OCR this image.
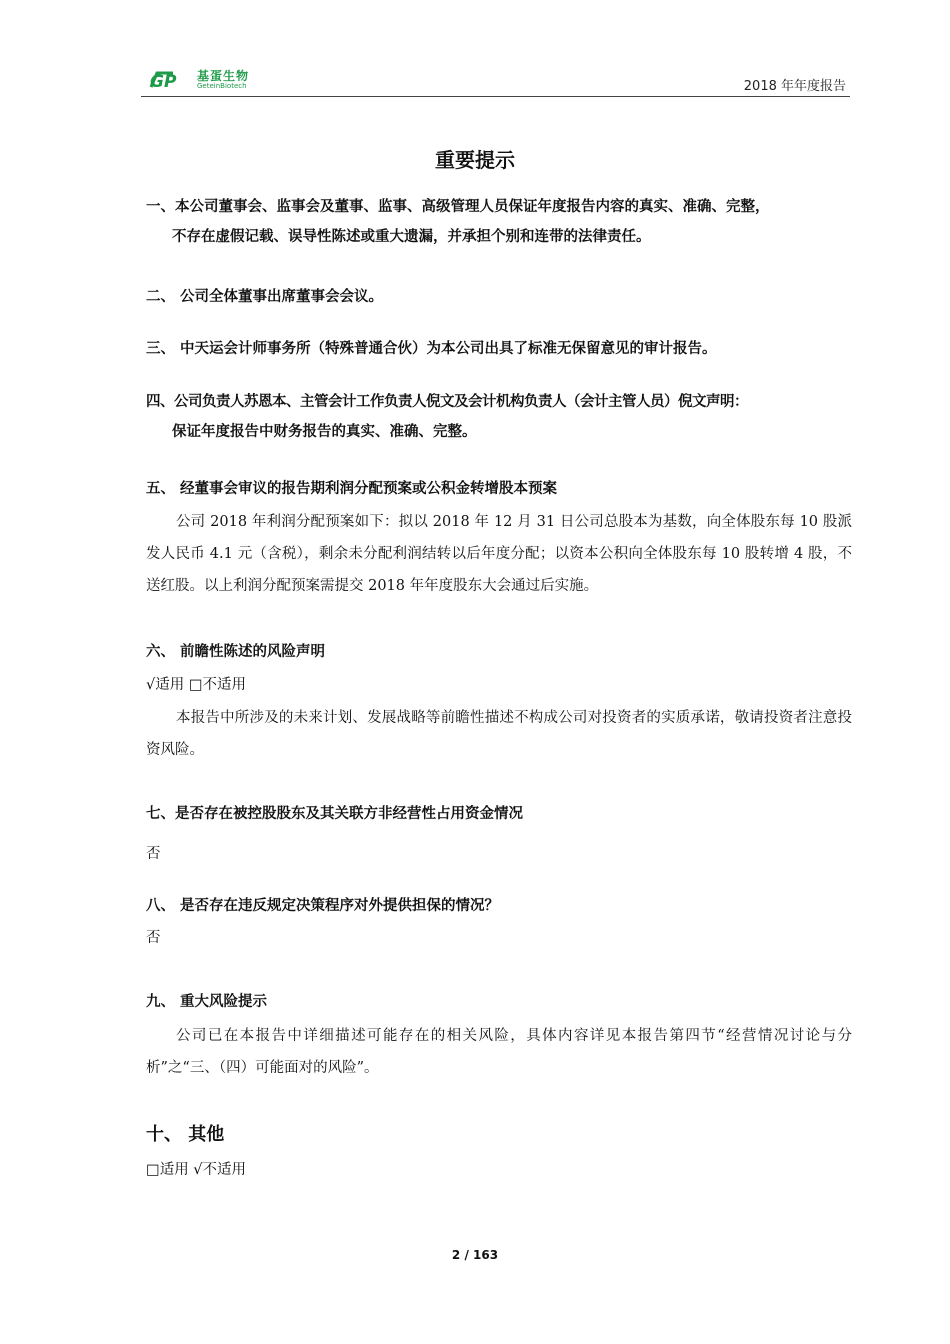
GP 基蛋生物
GeteinBiotech	2018 年年度报告
重要提示
一、本公司董事会、监事会及董事、监事、高级管理人员保证年度报告内容的真实、准确、完整，
不存在虚假记载、误导性陈述或重大遗漏，并承担个别和连带的法律责任。
二、 公司全体董事出席董事会会议。
三、 中天运会计师事务所（特殊普通合伙）为本公司出具了标准无保留意见的审计报告。
四、公司负责人苏恩本、主管会计工作负责人倪文及会计机构负责人（会计主管人员）倪文声明：
保证年度报告中财务报告的真实、准确、完整。
五、 经董事会审议的报告期利润分配预案或公积金转增股本预案
公司 2018 年利润分配预案如下：拟以 2018 年 12 月 31 日公司总股本为基数，向全体股东每 10 股派发人民币 4.1 元（含税），剩余未分配利润结转以后年度分配；以资本公积向全体股东每 10 股转增 4 股，不送红股。以上利润分配预案需提交 2018 年年度股东大会通过后实施。
六、 前瞻性陈述的风险声明
√适用 □不适用
本报告中所涉及的未来计划、发展战略等前瞻性描述不构成公司对投资者的实质承诺，敬请投资者注意投资风险。
七、是否存在被控股股东及其关联方非经营性占用资金情况
否
八、 是否存在违反规定决策程序对外提供担保的情况？
否
九、 重大风险提示
公司已在本报告中详细描述可能存在的相关风险，具体内容详见本报告第四节“经营情况讨论与分析”之“三、（四）可能面对的风险”。
十、 其他
□适用 √不适用
2 / 163
